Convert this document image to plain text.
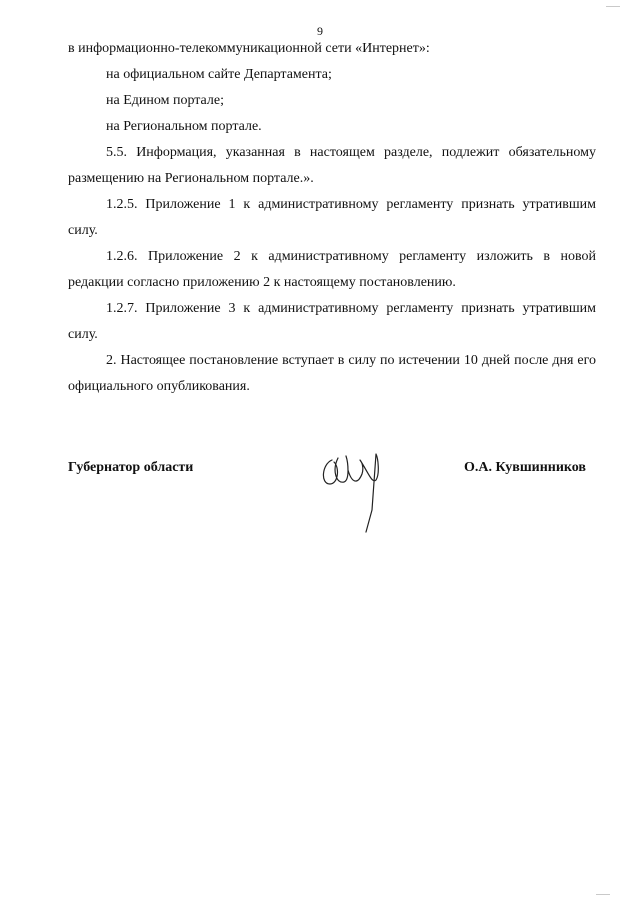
9

в информационно-телекоммуникационной сети «Интернет»:

на официальном сайте Департамента;

на Едином портале;

на Региональном портале.

5.5. Информация, указанная в настоящем разделе, подлежит обязательному размещению на Региональном портале.».

1.2.5. Приложение 1 к административному регламенту признать утратившим силу.

1.2.6. Приложение 2 к административному регламенту изложить в новой редакции согласно приложению 2 к настоящему постановлению.

1.2.7. Приложение 3 к административному регламенту признать утратившим силу.

2. Настоящее постановление вступает в силу по истечении 10 дней после дня его официального опубликования.

Губернатор области	О.А. Кувшинников
